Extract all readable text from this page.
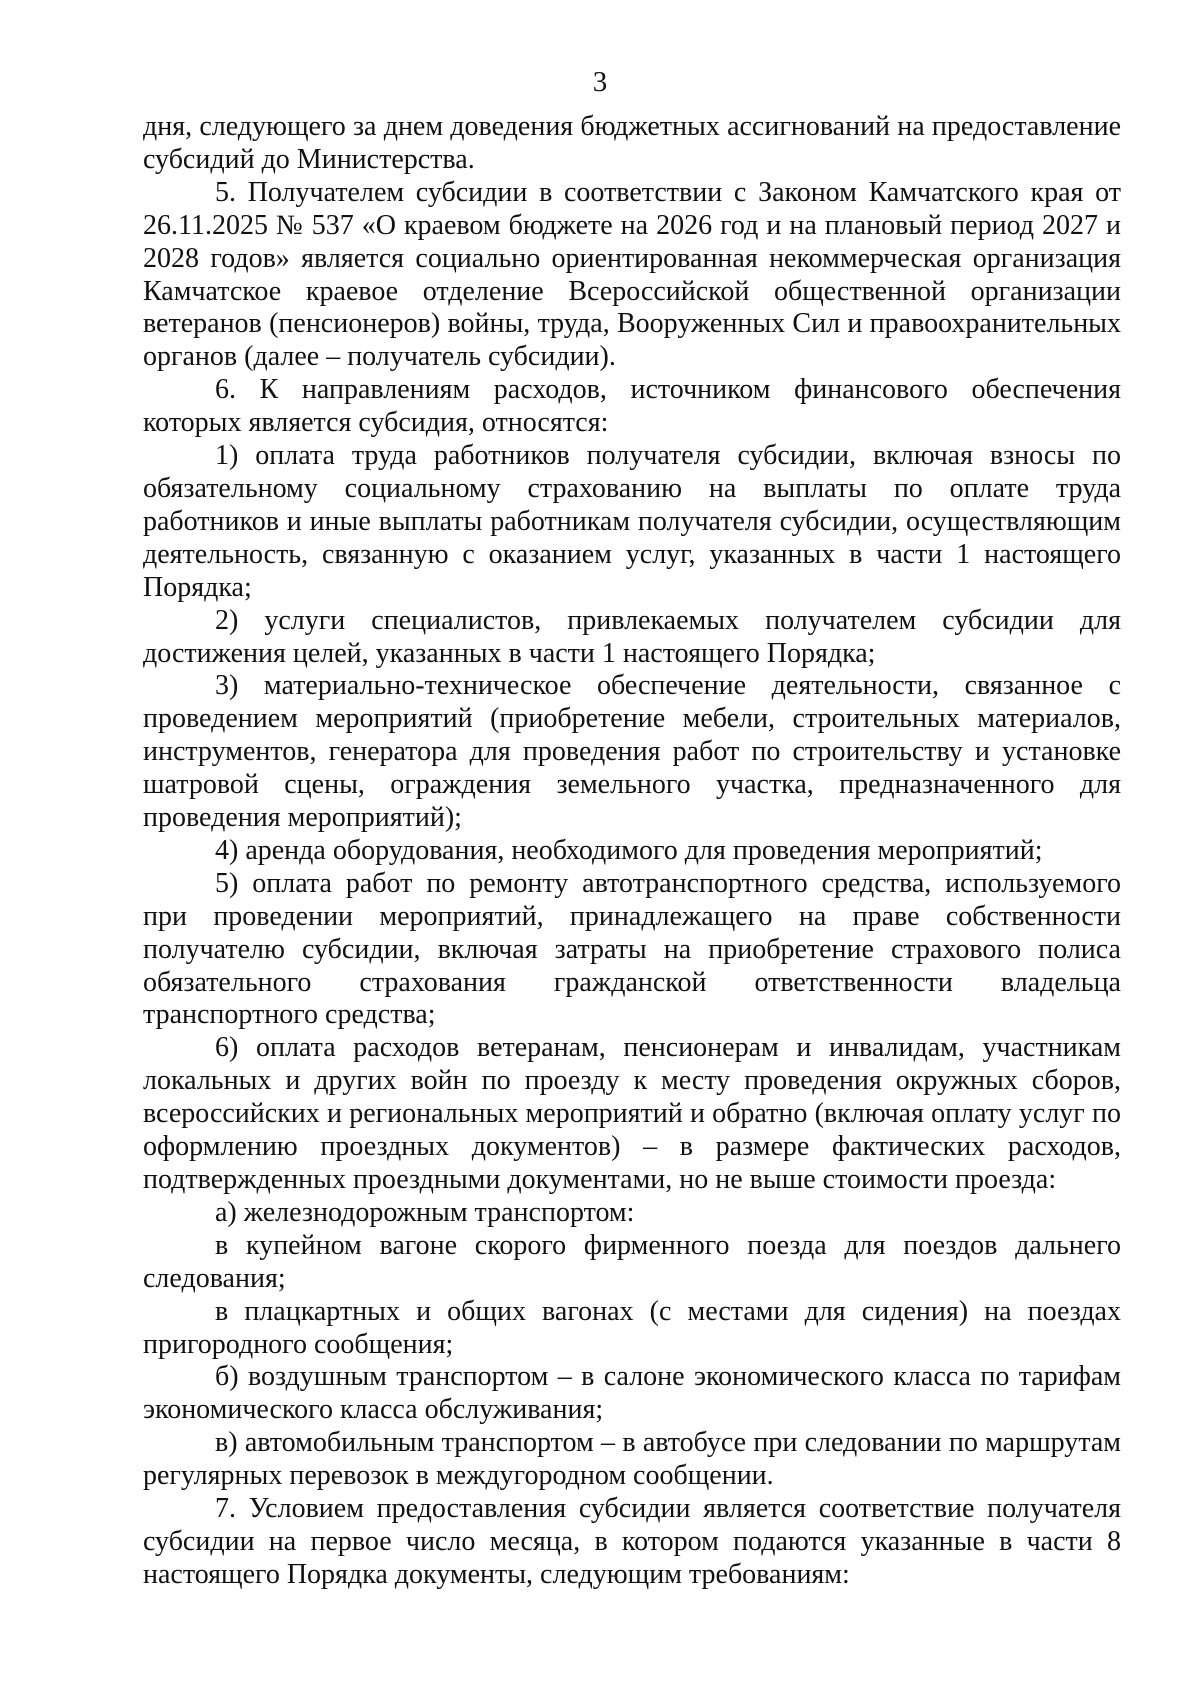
3

дня, следующего за днем доведения бюджетных ассигнований на предоставление субсидий до Министерства.

5. Получателем субсидии в соответствии с Законом Камчатского края от 26.11.2025 № 537 «О краевом бюджете на 2026 год и на плановый период 2027 и 2028 годов» является социально ориентированная некоммерческая организация Камчатское краевое отделение Всероссийской общественной организации ветеранов (пенсионеров) войны, труда, Вооруженных Сил и правоохранительных органов (далее – получатель субсидии).

6. К направлениям расходов, источником финансового обеспечения которых является субсидия, относятся:

1) оплата труда работников получателя субсидии, включая взносы по обязательному социальному страхованию на выплаты по оплате труда работников и иные выплаты работникам получателя субсидии, осуществляющим деятельность, связанную с оказанием услуг, указанных в части 1 настоящего Порядка;

2) услуги специалистов, привлекаемых получателем субсидии для достижения целей, указанных в части 1 настоящего Порядка;

3) материально-техническое обеспечение деятельности, связанное с проведением мероприятий (приобретение мебели, строительных материалов, инструментов, генератора для проведения работ по строительству и установке шатровой сцены, ограждения земельного участка, предназначенного для проведения мероприятий);

4) аренда оборудования, необходимого для проведения мероприятий;

5) оплата работ по ремонту автотранспортного средства, используемого при проведении мероприятий, принадлежащего на праве собственности получателю субсидии, включая затраты на приобретение страхового полиса обязательного страхования гражданской ответственности владельца транспортного средства;

6) оплата расходов ветеранам, пенсионерам и инвалидам, участникам локальных и других войн по проезду к месту проведения окружных сборов, всероссийских и региональных мероприятий и обратно (включая оплату услуг по оформлению проездных документов) – в размере фактических расходов, подтвержденных проездными документами, но не выше стоимости проезда:

а) железнодорожным транспортом:

в купейном вагоне скорого фирменного поезда для поездов дальнего следования;

в плацкартных и общих вагонах (с местами для сидения) на поездах пригородного сообщения;

б) воздушным транспортом – в салоне экономического класса по тарифам экономического класса обслуживания;

в) автомобильным транспортом – в автобусе при следовании по маршрутам регулярных перевозок в междугородном сообщении.

7. Условием предоставления субсидии является соответствие получателя субсидии на первое число месяца, в котором подаются указанные в части 8 настоящего Порядка документы, следующим требованиям:
